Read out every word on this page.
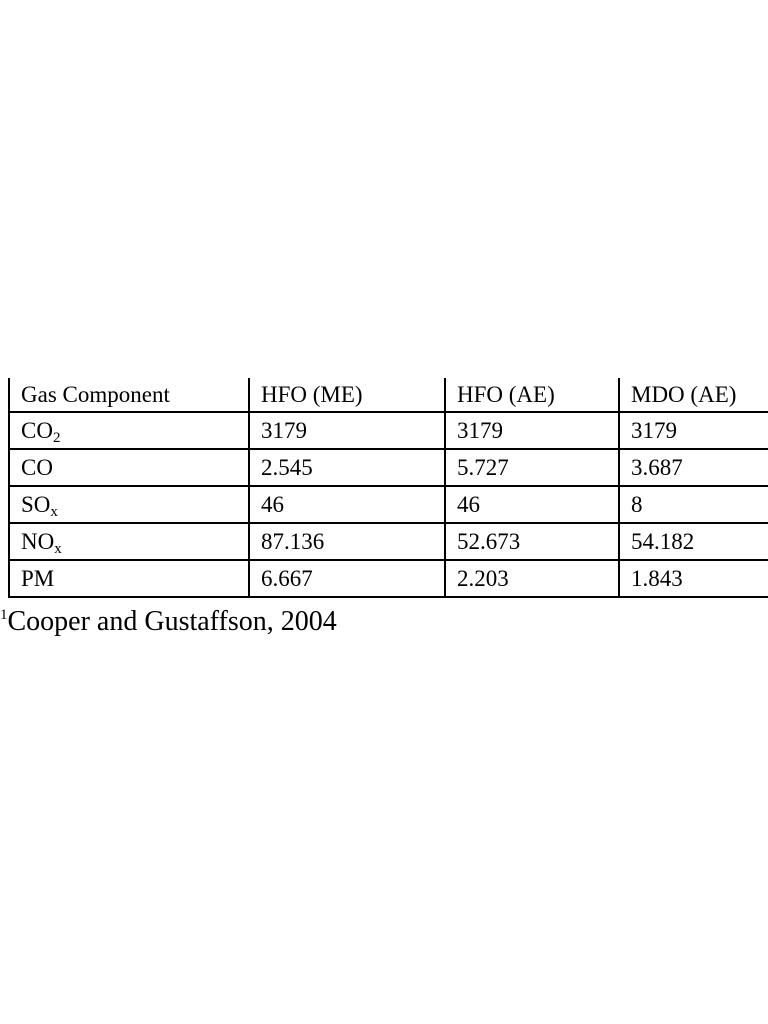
Gas Component	HFO (ME)	HFO (AE)	MDO (AE)
$CO_2$	3179	3179	3179
CO	2.545	5.727	3.687
$SO_x$	46	46	8
$NO_x$	87.136	52.673	54.182
PM	6.667	2.203	1.843
$^1$Cooper and Gustaffson, 2004
